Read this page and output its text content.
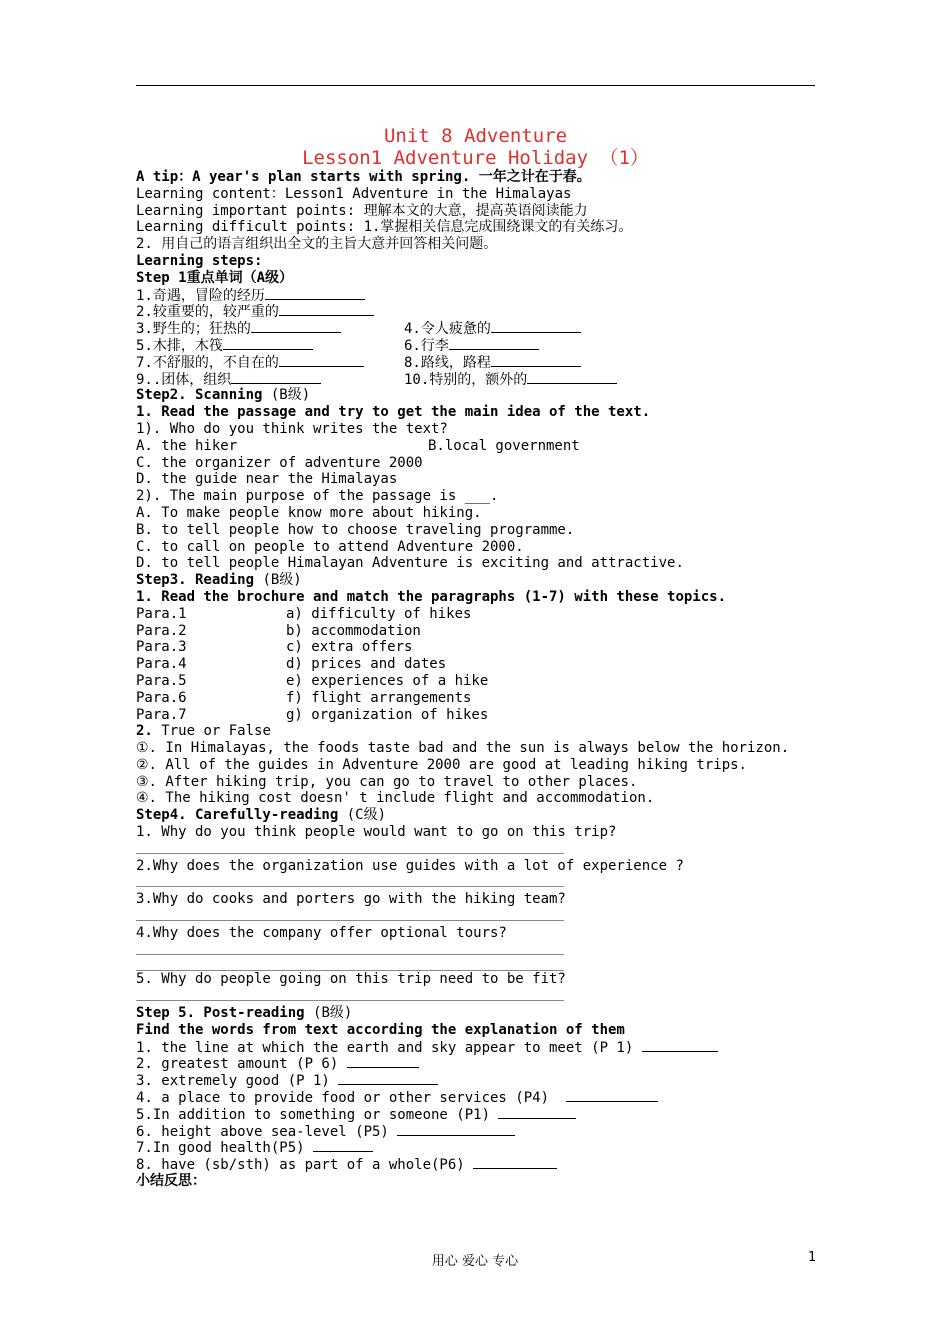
Unit 8 Adventure
Lesson1 Adventure Holiday （1）
A tip：A year's plan starts with spring. 一年之计在于春。
Learning content：Lesson1 Adventure in the Himalayas
Learning important points: 理解本文的大意，提高英语阅读能力
Learning difficult points: 1.掌握相关信息完成围绕课文的有关练习。
2. 用自己的语言组织出全文的主旨大意并回答相关问题。
Learning steps:
Step 1重点单词（A级）
1.奇遇，冒险的经历
2.较重要的，较严重的
3.野生的；狂热的	4.令人疲惫的
5.木排，木筏	6.行李
7.不舒服的，不自在的	8.路线，路程
9..团体，组织	10.特别的，额外的
Step2. Scanning (B级)
1. Read the passage and try to get the main idea of the text.
1). Who do you think writes the text?
A. the hiker	B.local government
C. the organizer of adventure 2000
D. the guide near the Himalayas
2). The main purpose of the passage is ___.
A. To make people know more about hiking.
B. to tell people how to choose traveling programme.
C. to call on people to attend Adventure 2000.
D. to tell people Himalayan Adventure is exciting and attractive.
Step3. Reading (B级)
1. Read the brochure and match the paragraphs (1-7) with these topics.
Para.1	a) difficulty of hikes
Para.2	b) accommodation
Para.3	c) extra offers
Para.4	d) prices and dates
Para.5	e) experiences of a hike
Para.6	f) flight arrangements
Para.7	g) organization of hikes
2. True or False
①. In Himalayas, the foods taste bad and the sun is always below the horizon.
②. All of the guides in Adventure 2000 are good at leading hiking trips.
③. After hiking trip, you can go to travel to other places.
④. The hiking cost doesn' t include flight and accommodation.
Step4. Carefully-reading (C级)
1. Why do you think people would want to go on this trip?
2.Why does the organization use guides with a lot of experience ?
3.Why do cooks and porters go with the hiking team?
4.Why does the company offer optional tours?
5. Why do people going on this trip need to be fit?
Step 5. Post-reading (B级)
Find the words from text according the explanation of them
1. the line at which the earth and sky appear to meet (P 1)
2. greatest amount (P 6)
3. extremely good (P 1)
4. a place to provide food or other services (P4)
5.In addition to something or someone (P1)
6. height above sea-level (P5)
7.In good health(P5)
8. have (sb/sth) as part of a whole(P6)
小结反思：
用心 爱心 专心	1
